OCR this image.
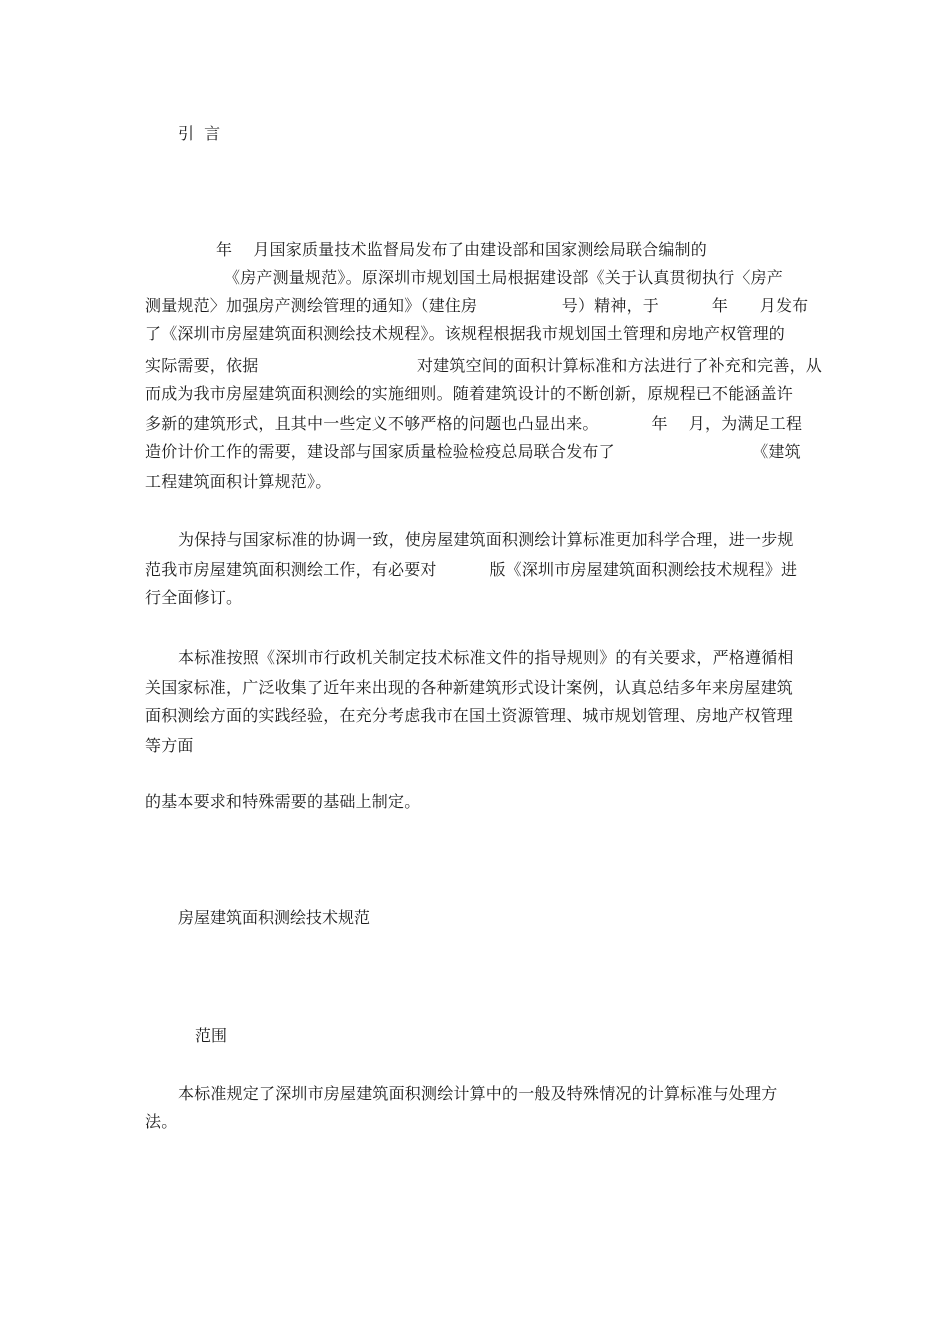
引  言
年    月国家质量技术监督局发布了由建设部和国家测绘局联合编制的
《房产测量规范》。原深圳市规划国土局根据建设部《关于认真贯彻执行〈房产
测量规范〉加强房产测绘管理的通知》（建住房                号）精神，于          年      月发布
了《深圳市房屋建筑面积测绘技术规程》。该规程根据我市规划国土管理和房地产权管理的
实际需要，依据                              对建筑空间的面积计算标准和方法进行了补充和完善，从
而成为我市房屋建筑面积测绘的实施细则。随着建筑设计的不断创新，原规程已不能涵盖许
多新的建筑形式，且其中一些定义不够严格的问题也凸显出来。          年    月，为满足工程
造价计价工作的需要，建设部与国家质量检验检疫总局联合发布了                          《建筑
工程建筑面积计算规范》。
为保持与国家标准的协调一致，使房屋建筑面积测绘计算标准更加科学合理，进一步规
范我市房屋建筑面积测绘工作，有必要对          版《深圳市房屋建筑面积测绘技术规程》进
行全面修订。
本标准按照《深圳市行政机关制定技术标准文件的指导规则》的有关要求，严格遵循相
关国家标准，广泛收集了近年来出现的各种新建筑形式设计案例，认真总结多年来房屋建筑
面积测绘方面的实践经验，在充分考虑我市在国土资源管理、城市规划管理、房地产权管理
等方面
的基本要求和特殊需要的基础上制定。
房屋建筑面积测绘技术规范
范围
本标准规定了深圳市房屋建筑面积测绘计算中的一般及特殊情况的计算标准与处理方
法。
